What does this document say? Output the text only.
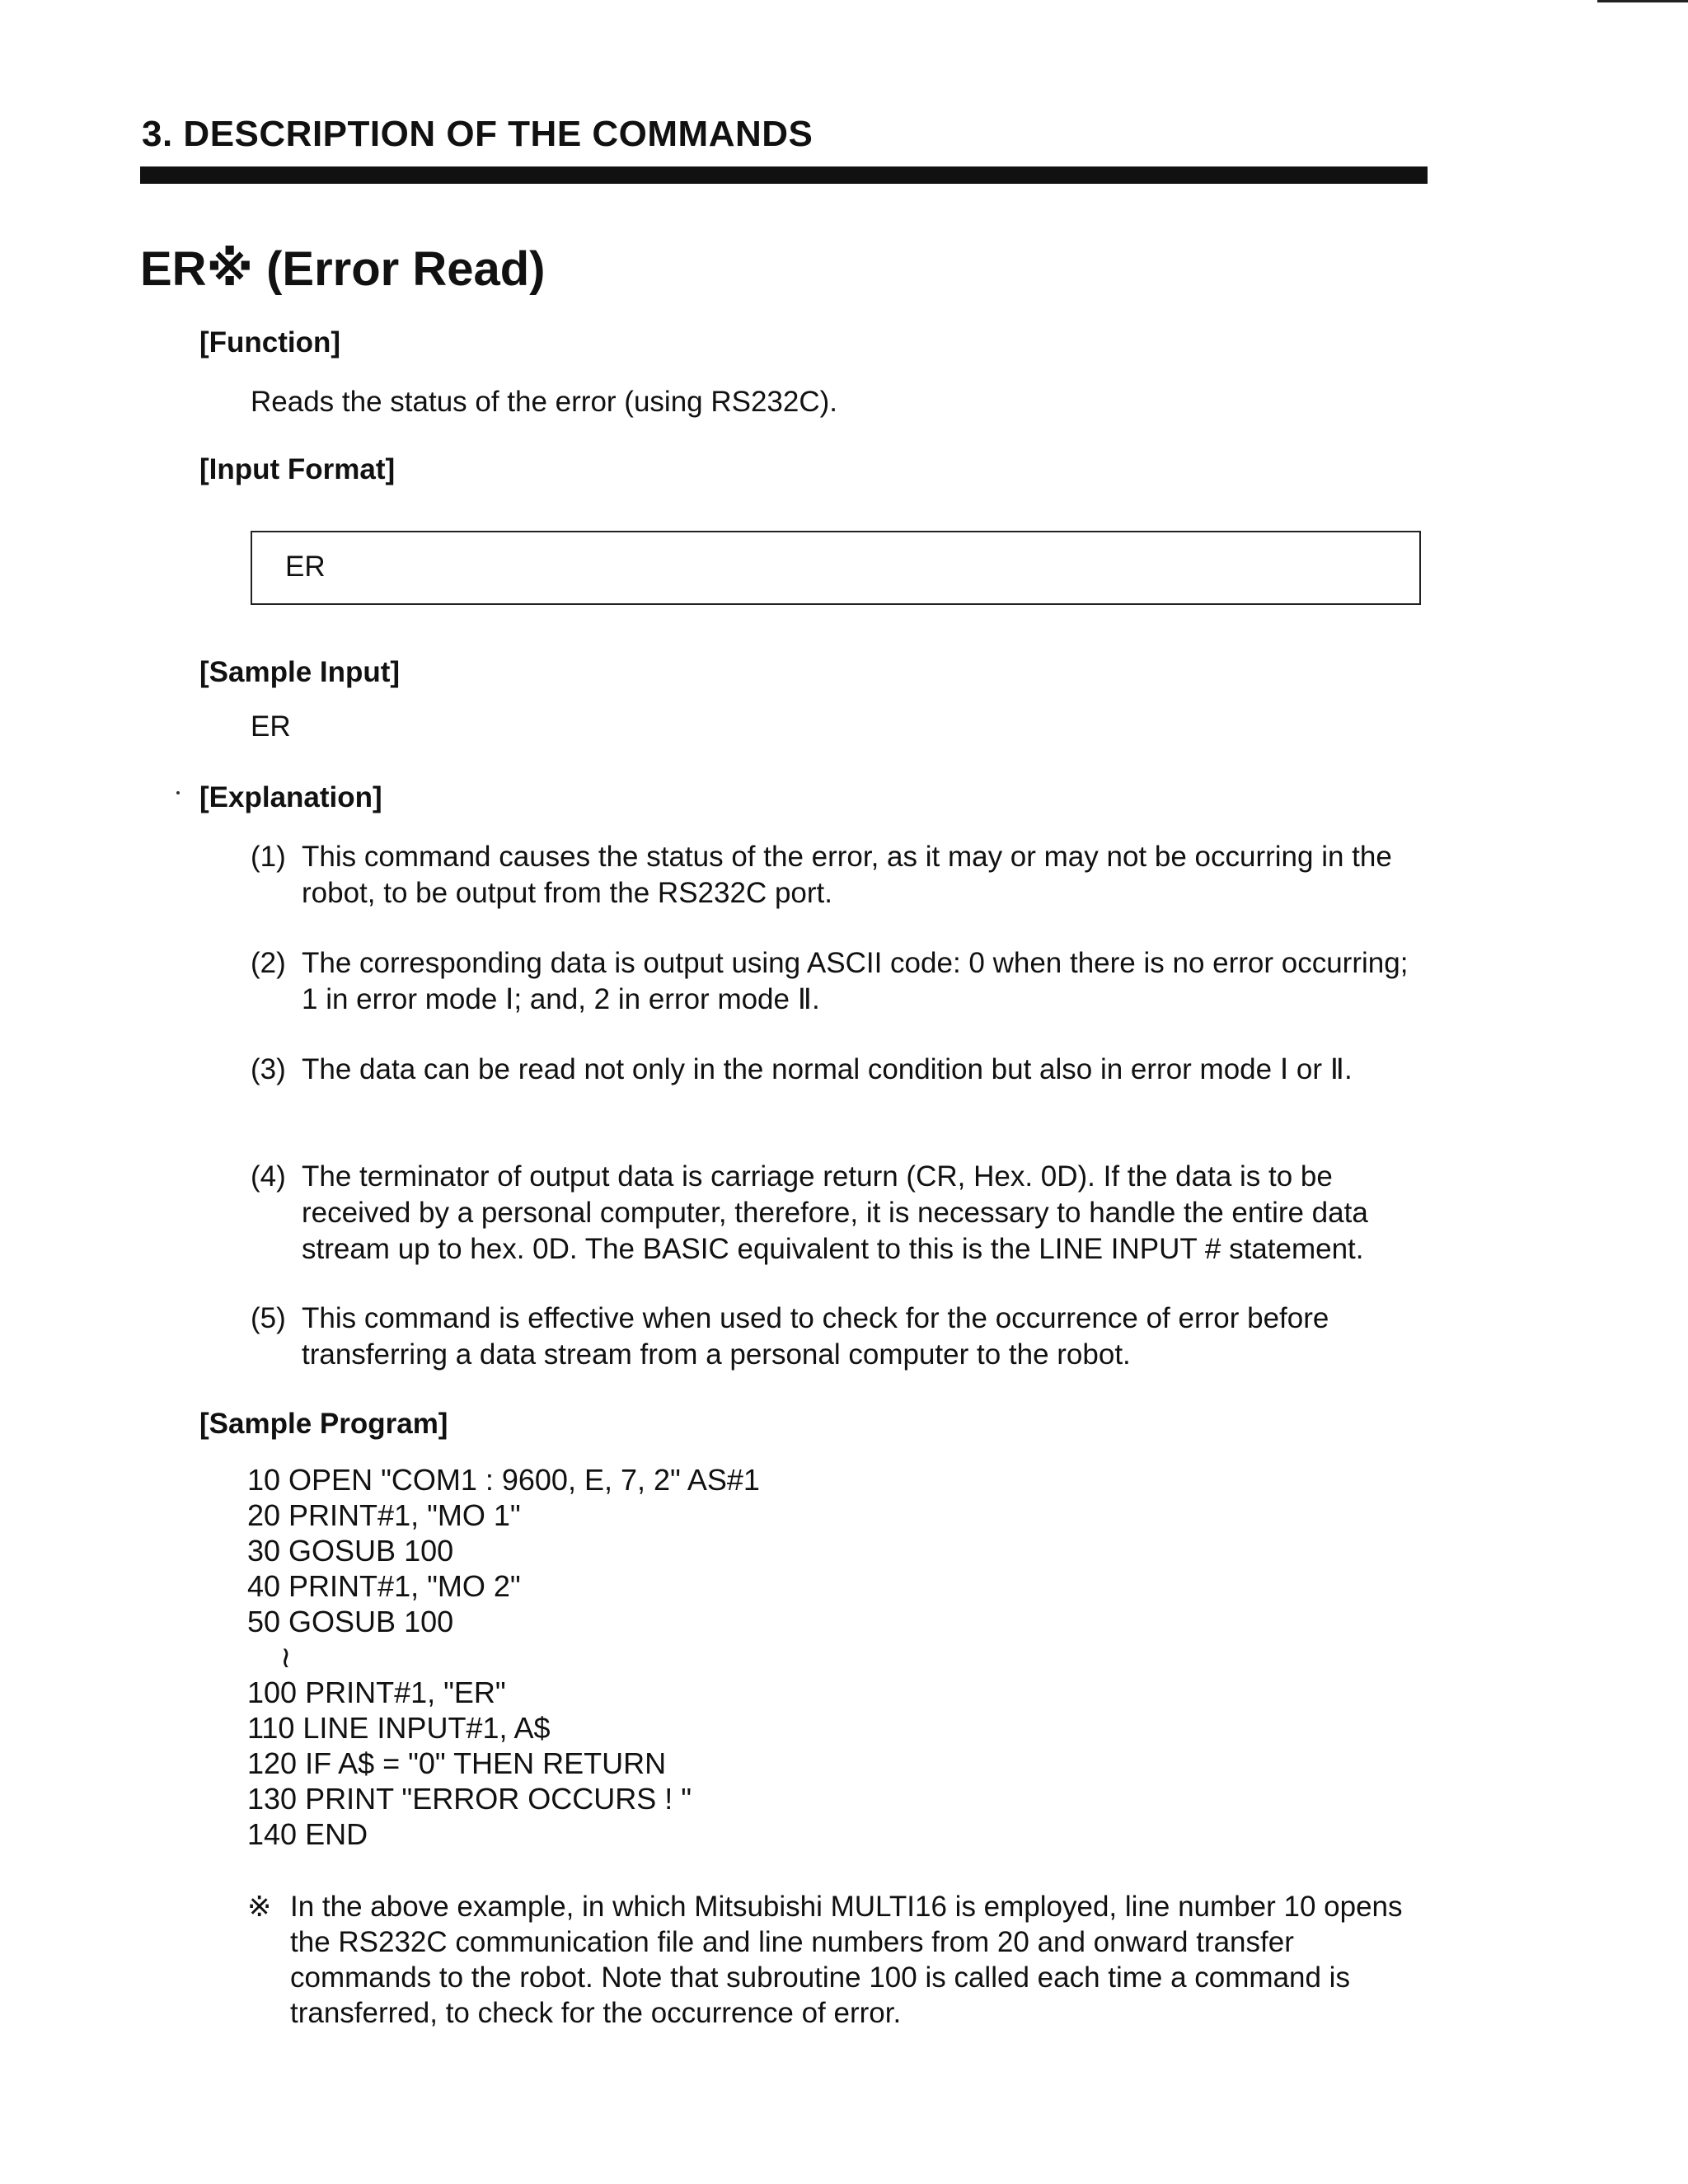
3. DESCRIPTION OF THE COMMANDS
ER※ (Error Read)
[Function]
Reads the status of the error (using RS232C).
[Input Format]
ER
[Sample Input]
ER
[Explanation]
(1) This command causes the status of the error, as it may or may not be occurring in the robot, to be output from the RS232C port.
(2) The corresponding data is output using ASCII code: 0 when there is no error occurring; 1 in error mode Ⅰ; and, 2 in error mode Ⅱ.
(3) The data can be read not only in the normal condition but also in error mode Ⅰ or Ⅱ.
(4) The terminator of output data is carriage return (CR, Hex. 0D). If the data is to be received by a personal computer, therefore, it is necessary to handle the entire data stream up to hex. 0D. The BASIC equivalent to this is the LINE INPUT # statement.
(5) This command is effective when used to check for the occurrence of error before transferring a data stream from a personal computer to the robot.
[Sample Program]
10 OPEN "COM1 : 9600, E, 7, 2" AS#1
20 PRINT#1, "MO 1"
30 GOSUB 100
40 PRINT#1, "MO 2"
50 GOSUB 100
≀
100 PRINT#1, "ER"
110 LINE INPUT#1, A$
120 IF A$ = "0" THEN RETURN
130 PRINT "ERROR OCCURS ! "
140 END
※ In the above example, in which Mitsubishi MULTI16 is employed, line number 10 opens the RS232C communication file and line numbers from 20 and onward transfer commands to the robot. Note that subroutine 100 is called each time a command is transferred, to check for the occurrence of error.
